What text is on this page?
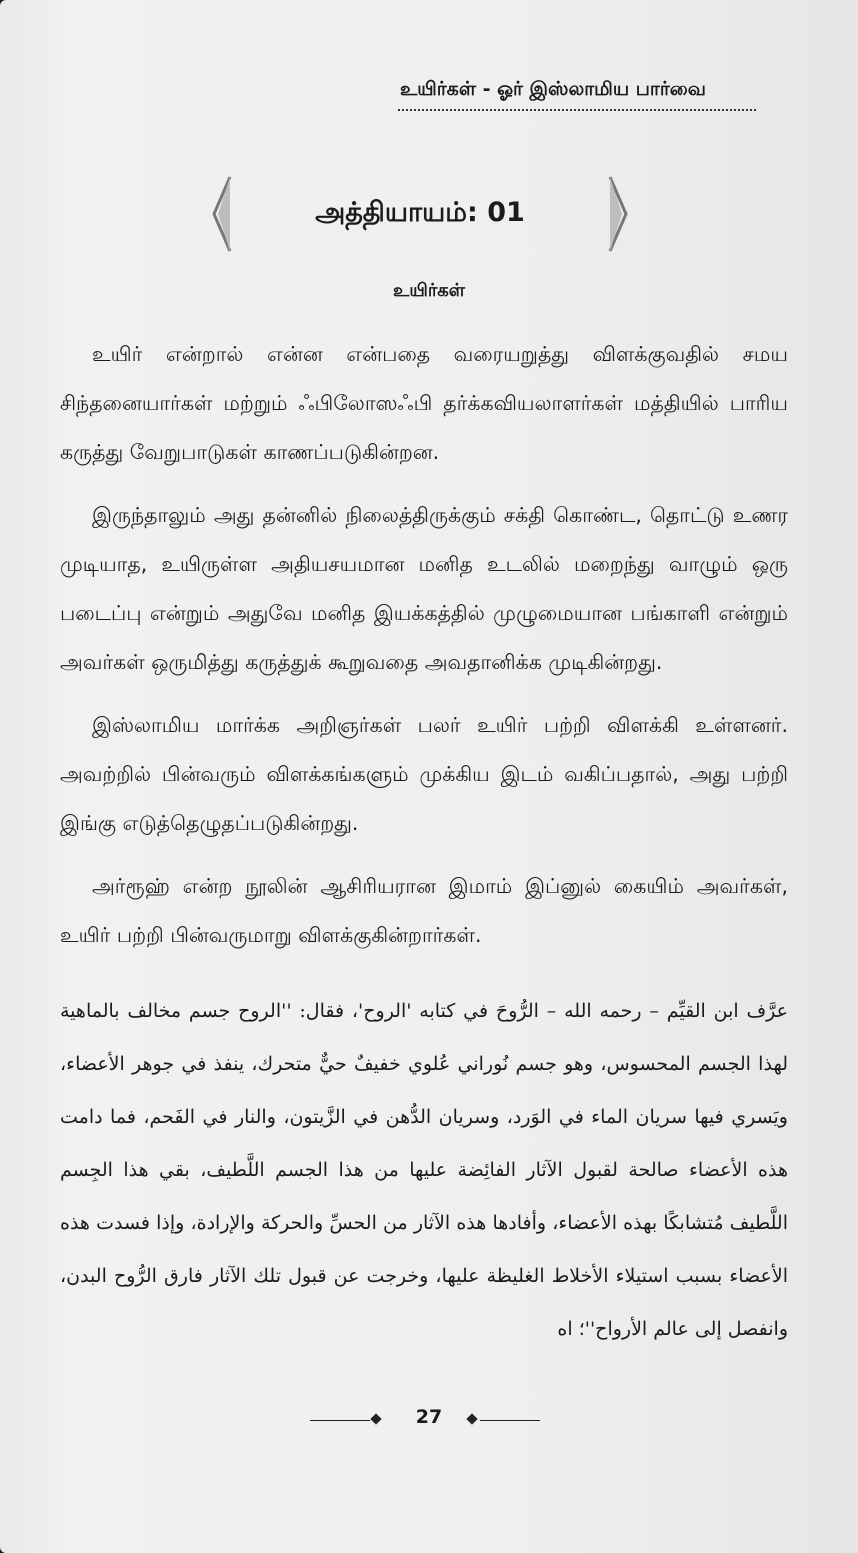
உயிர்கள் - ஓர் இஸ்லாமிய பார்வை
அத்தியாயம்: 01
உயிர்கள்

உயிர் என்றால் என்ன என்பதை வரையறுத்து விளக்குவதில் சமய சிந்தனையார்கள் மற்றும் ஃபிலோஸஃபி தர்க்கவியலாளர்கள் மத்தியில் பாரிய கருத்து வேறுபாடுகள் காணப்படுகின்றன.

இருந்தாலும் அது தன்னில் நிலைத்திருக்கும் சக்தி கொண்ட, தொட்டு உணர முடியாத, உயிருள்ள அதியசயமான மனித உடலில் மறைந்து வாழும் ஒரு படைப்பு என்றும் அதுவே மனித இயக்கத்தில் முழுமையான பங்காளி என்றும் அவர்கள் ஒருமித்து கருத்துக் கூறுவதை அவதானிக்க முடிகின்றது.

இஸ்லாமிய மார்க்க அறிஞர்கள் பலர் உயிர் பற்றி விளக்கி உள்ளனர். அவற்றில் பின்வரும் விளக்கங்களும் முக்கிய இடம் வகிப்பதால், அது பற்றி இங்கு எடுத்தெழுதப்படுகின்றது.

அர்ரூஹ் என்ற நூலின் ஆசிரியரான இமாம் இப்னுல் கையிம் அவர்கள், உயிர் பற்றி பின்வருமாறு விளக்குகின்றார்கள்.

عرَّف ابن القيِّم – رحمه الله – الرُّوحَ في كتابه 'الروح'، فقال: ''الروح جسم مخالف بالماهية لهذا الجسم المحسوس، وهو جسم نُوراني عُلوي خفيفٌ حيٌّ متحرك، ينفذ في جوهر الأعضاء، ويَسري فيها سريان الماء في الوَرد، وسريان الدُّهن في الزَّيتون، والنار في الفَحم، فما دامت هذه الأعضاء صالحة لقبول الآثار الفائِضة عليها من هذا الجسم اللَّطيف، بقي هذا الجِسم اللَّطيف مُتشابكًا بهذه الأعضاء، وأفادها هذه الآثار من الحسِّ والحركة والإرادة، وإذا فسدت هذه الأعضاء بسبب استيلاء الأخلاط الغليظة عليها، وخرجت عن قبول تلك الآثار فارق الرُّوح البدن، وانفصل إلى عالم الأرواح''؛ اه
27
